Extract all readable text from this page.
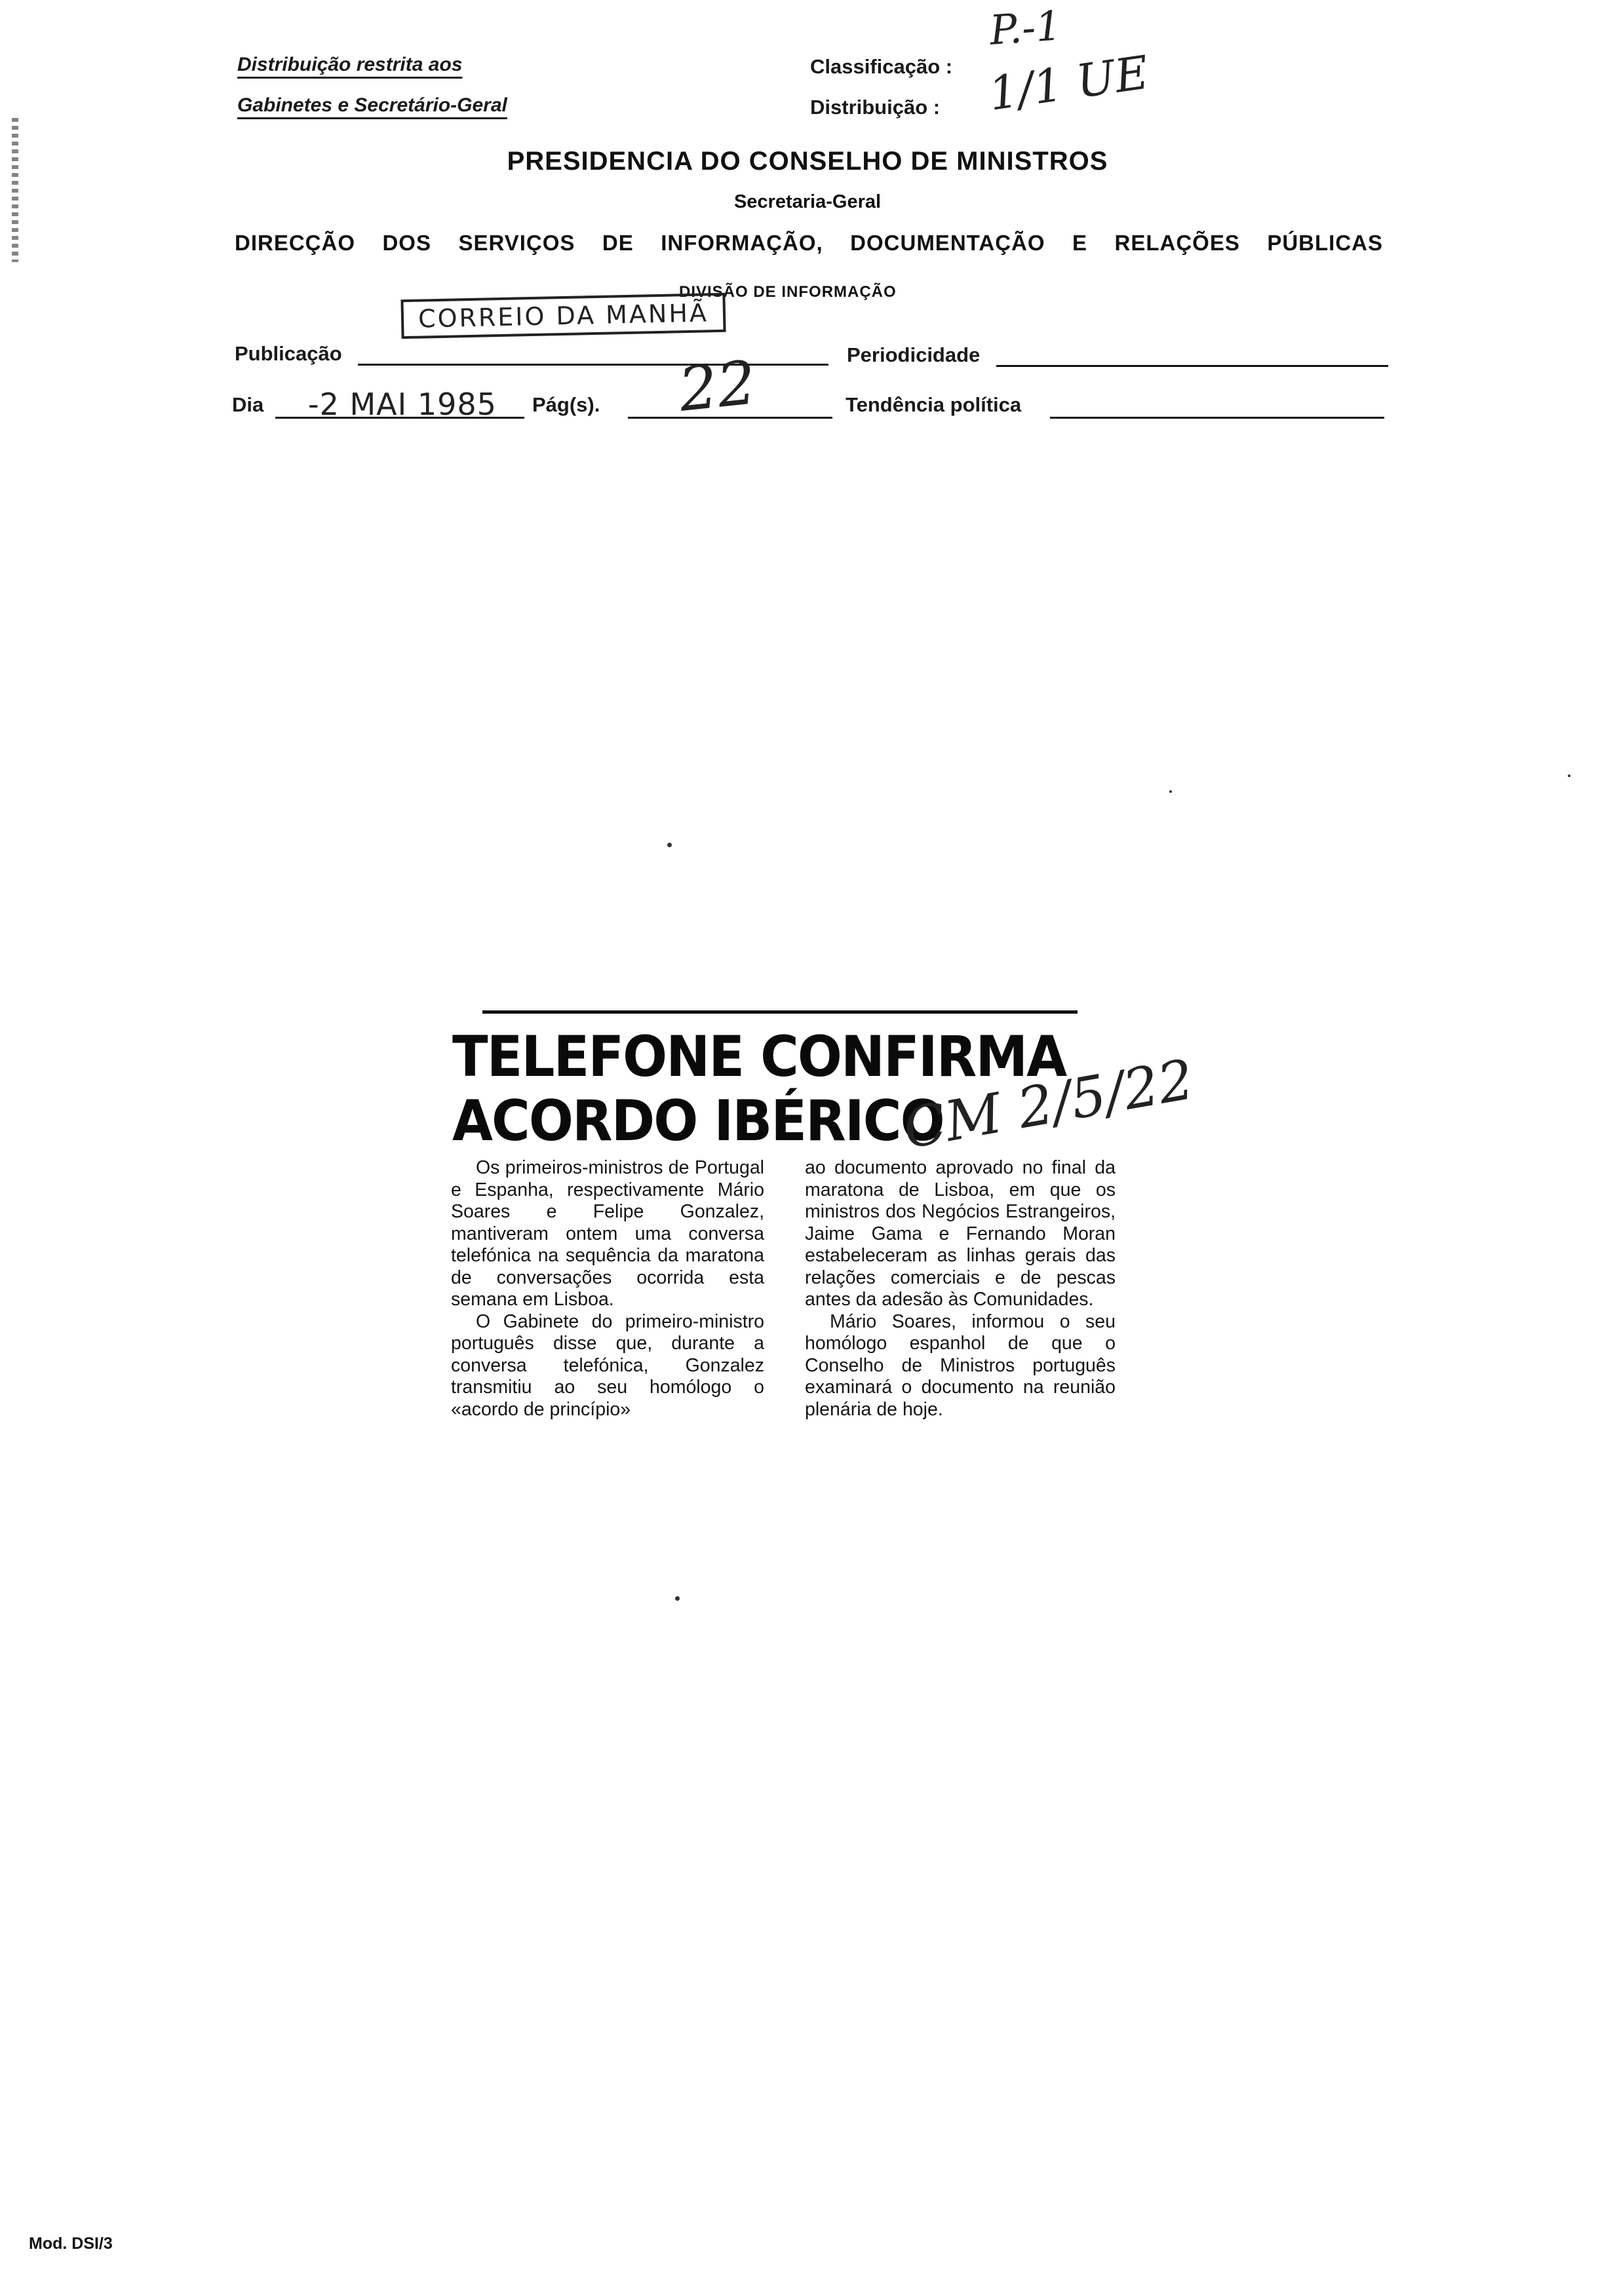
Distribuição restrita aos
Gabinetes e Secretário-Geral
Classificação :
Distribuição :
P.-1
1/1 UE
PRESIDENCIA DO CONSELHO DE MINISTROS
Secretaria-Geral
DIRECÇÃO DOS SERVIÇOS DE INFORMAÇÃO, DOCUMENTAÇÃO E RELAÇÕES PÚBLICAS
DIVISÃO DE INFORMAÇÃO
Publicação
CORREIO DA MANHÃ
Periodicidade
Dia -2 MAI 1985 Pág(s). 22	Tendência política
TELEFONE CONFIRMA
ACORDO IBÉRICO
CM 2/5/22

Os primeiros-ministros de Portugal e Espanha, respectivamente Mário Soares e Felipe Gonzalez, mantiveram ontem uma conversa telefónica na sequência da maratona de conversações ocorrida esta semana em Lisboa.

O Gabinete do primeiro-ministro português disse que, durante a conversa telefónica, Gonzalez transmitiu ao seu homólogo o «acordo de princípio»

ao documento aprovado no final da maratona de Lisboa, em que os ministros dos Negócios Estrangeiros, Jaime Gama e Fernando Moran estabeleceram as linhas gerais das relações comerciais e de pescas antes da adesão às Comunidades.

Mário Soares, informou o seu homólogo espanhol de que o Conselho de Ministros português examinará o documento na reunião plenária de hoje.

Mod. DSI/3
